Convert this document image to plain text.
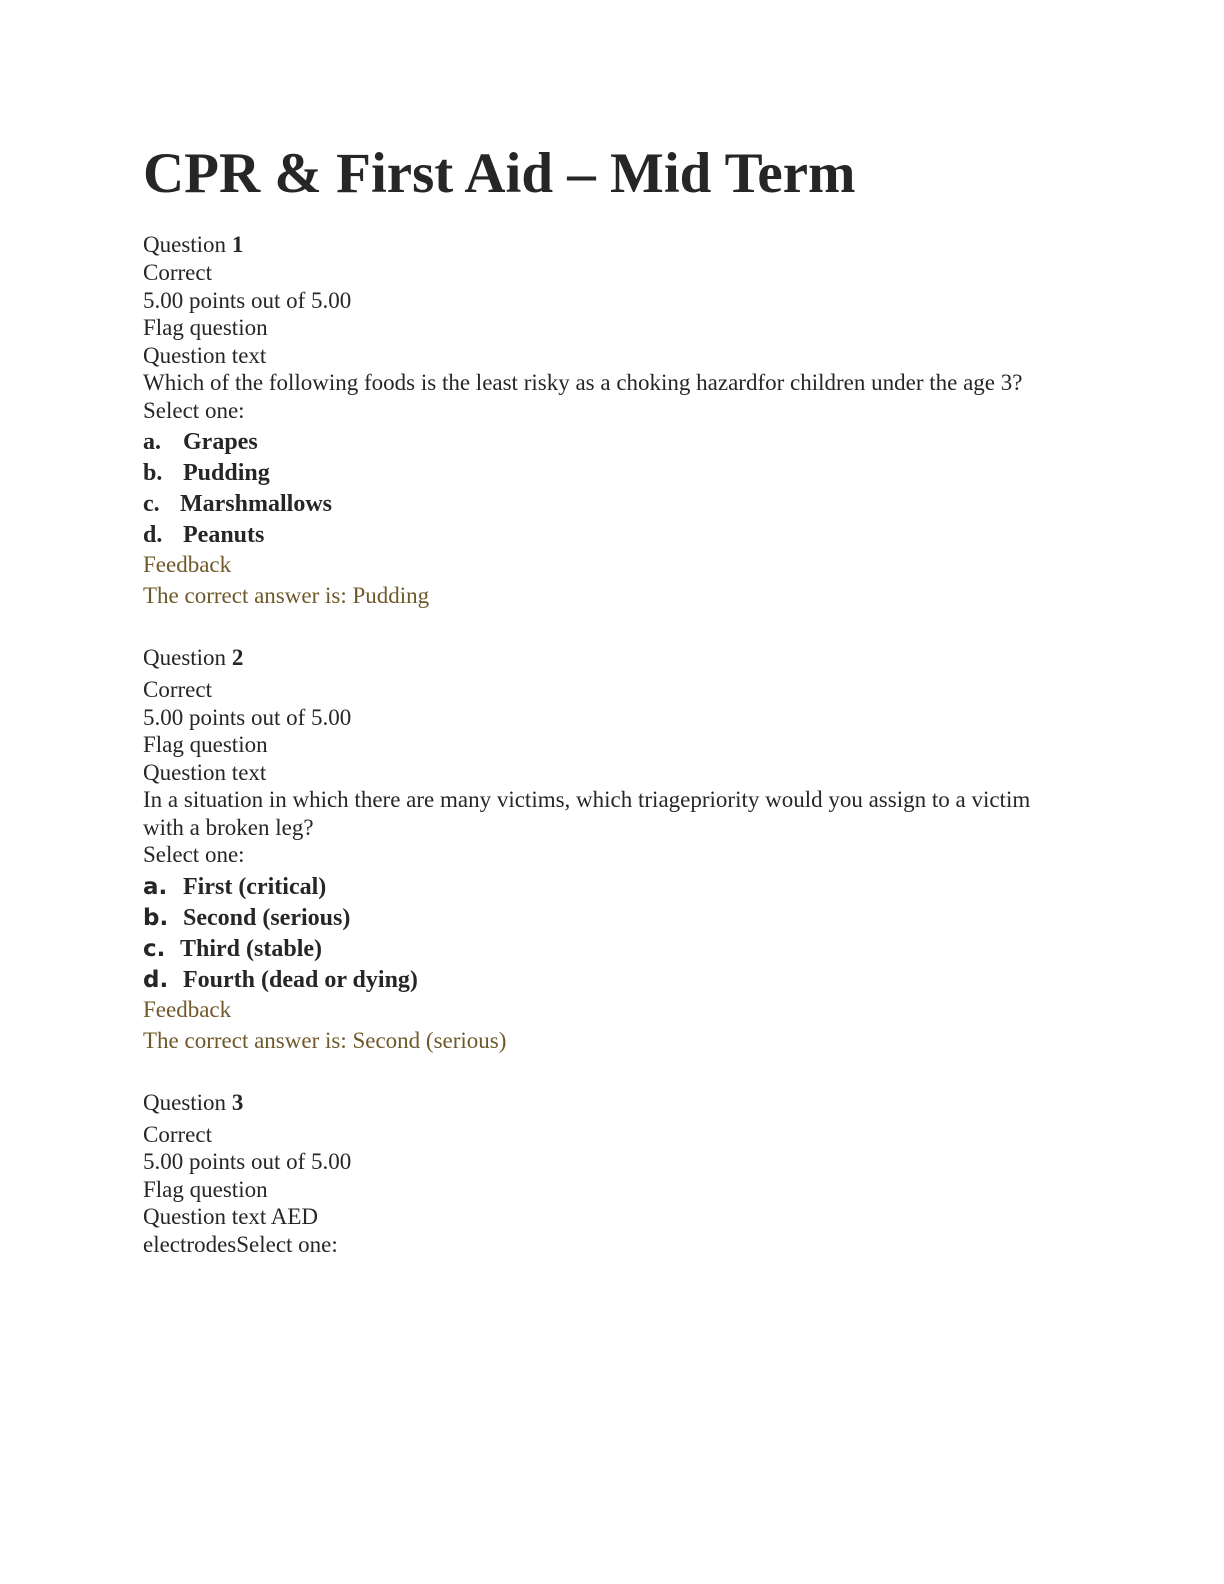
CPR & First Aid – Mid Term
Question 1
Correct
5.00 points out of 5.00
Flag question
Question text

Which of the following foods is the least risky as a choking hazardfor children under the age 3?

Select one:
a. Grapes
b. Pudding
c. Marshmallows
d. Peanuts
Feedback
The correct answer is: Pudding
Question 2
Correct
5.00 points out of 5.00
Flag question
Question text

In a situation in which there are many victims, which triagepriority would you assign to a victim with a broken leg?

Select one:
a. First (critical)
b. Second (serious)
c. Third (stable)
d. Fourth (dead or dying)
Feedback
The correct answer is: Second (serious)
Question 3
Correct
5.00 points out of 5.00
Flag question
Question text AED

electrodesSelect one:
